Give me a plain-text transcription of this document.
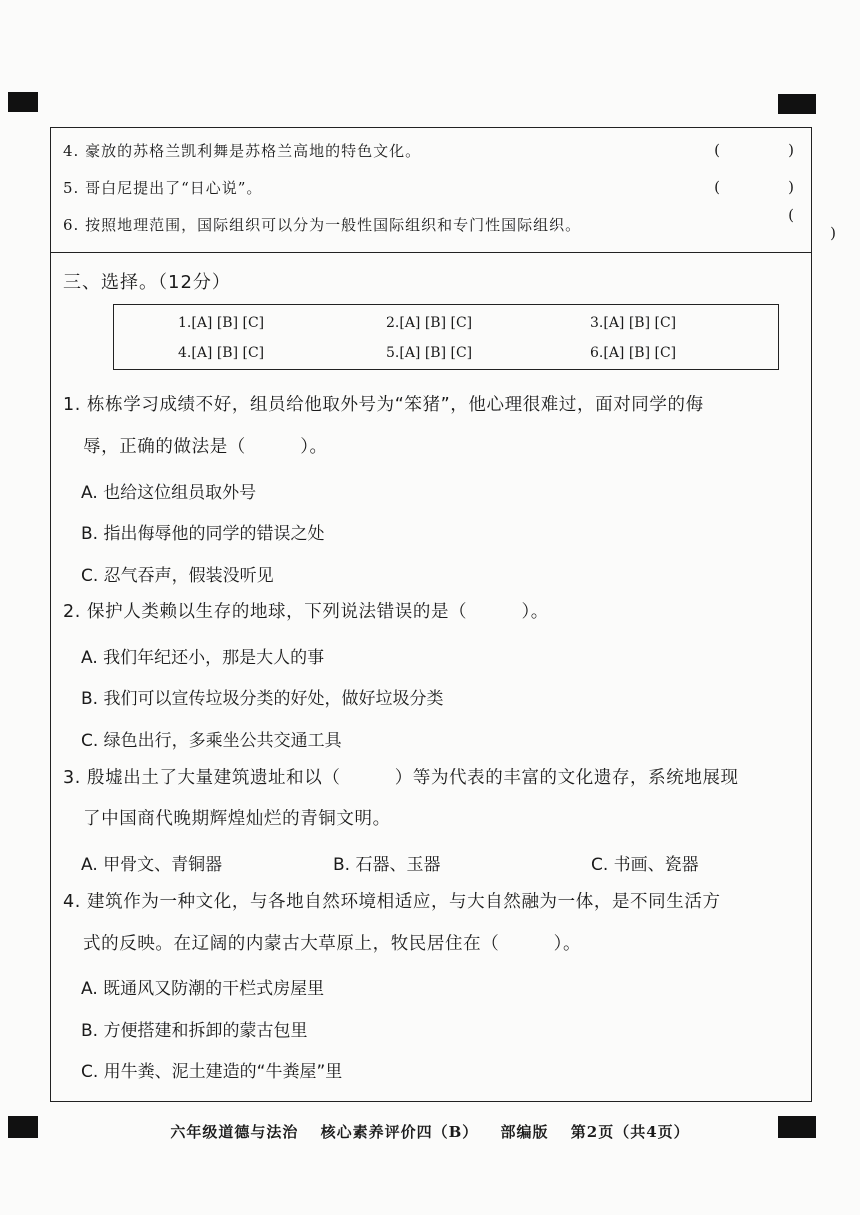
4. 豪放的苏格兰凯利舞是苏格兰高地的特色文化。	(	)
5. 哥白尼提出了“日心说”。	(	)
6. 按照地理范围，国际组织可以分为一般性国际组织和专门性国际组织。
()
三、选择。（12分）
1.[A] [B] [C]	2.[A] [B] [C]	3.[A] [B] [C]
4.[A] [B] [C]	5.[A] [B] [C]	6.[A] [B] [C]
1. 栋栋学习成绩不好，组员给他取外号为“笨猪”，他心理很难过，面对同学的侮
辱，正确的做法是（　　　）。
A. 也给这位组员取外号
B. 指出侮辱他的同学的错误之处
C. 忍气吞声，假装没听见
2. 保护人类赖以生存的地球，下列说法错误的是（　　　）。
A. 我们年纪还小，那是大人的事
B. 我们可以宣传垃圾分类的好处，做好垃圾分类
C. 绿色出行，多乘坐公共交通工具
3. 殷墟出土了大量建筑遗址和以（　　　）等为代表的丰富的文化遗存，系统地展现
了中国商代晚期辉煌灿烂的青铜文明。
A. 甲骨文、青铜器	B. 石器、玉器	C. 书画、瓷器
4. 建筑作为一种文化，与各地自然环境相适应，与大自然融为一体，是不同生活方
式的反映。在辽阔的内蒙古大草原上，牧民居住在（　　　）。
A. 既通风又防潮的干栏式房屋里
B. 方便搭建和拆卸的蒙古包里
C. 用牛粪、泥土建造的“牛粪屋”里
六年级道德与法治 核心素养评价四（B） 部编版 第2页（共4页）
